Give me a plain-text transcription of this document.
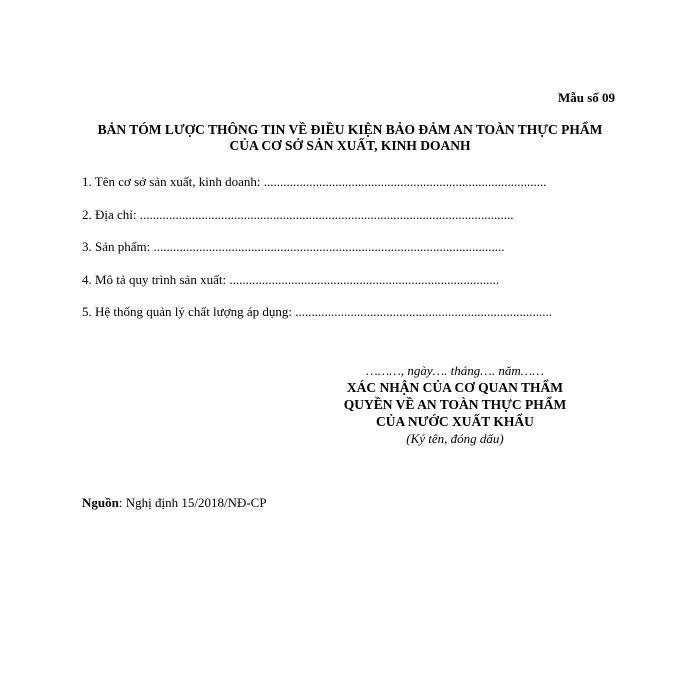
Mẫu số 09
BẢN TÓM LƯỢC THÔNG TIN VỀ ĐIỀU KIỆN BẢO ĐẢM AN TOÀN THỰC PHẨM
CỦA CƠ SỞ SẢN XUẤT, KINH DOANH
1. Tên cơ sở sản xuất, kinh doanh: .......................................................................................
2. Địa chỉ: ...................................................................................................................
3. Sản phẩm: ............................................................................................................
4. Mô tả quy trình sản xuất: ...................................................................................
5. Hệ thống quản lý chất lượng áp dụng: ...............................................................................
………, ngày…. tháng…. năm……
XÁC NHẬN CỦA CƠ QUAN THẨM
QUYỀN VỀ AN TOÀN THỰC PHẨM
CỦA NƯỚC XUẤT KHẨU
(Ký tên, đóng dấu)
Nguồn: Nghị định 15/2018/NĐ-CP
